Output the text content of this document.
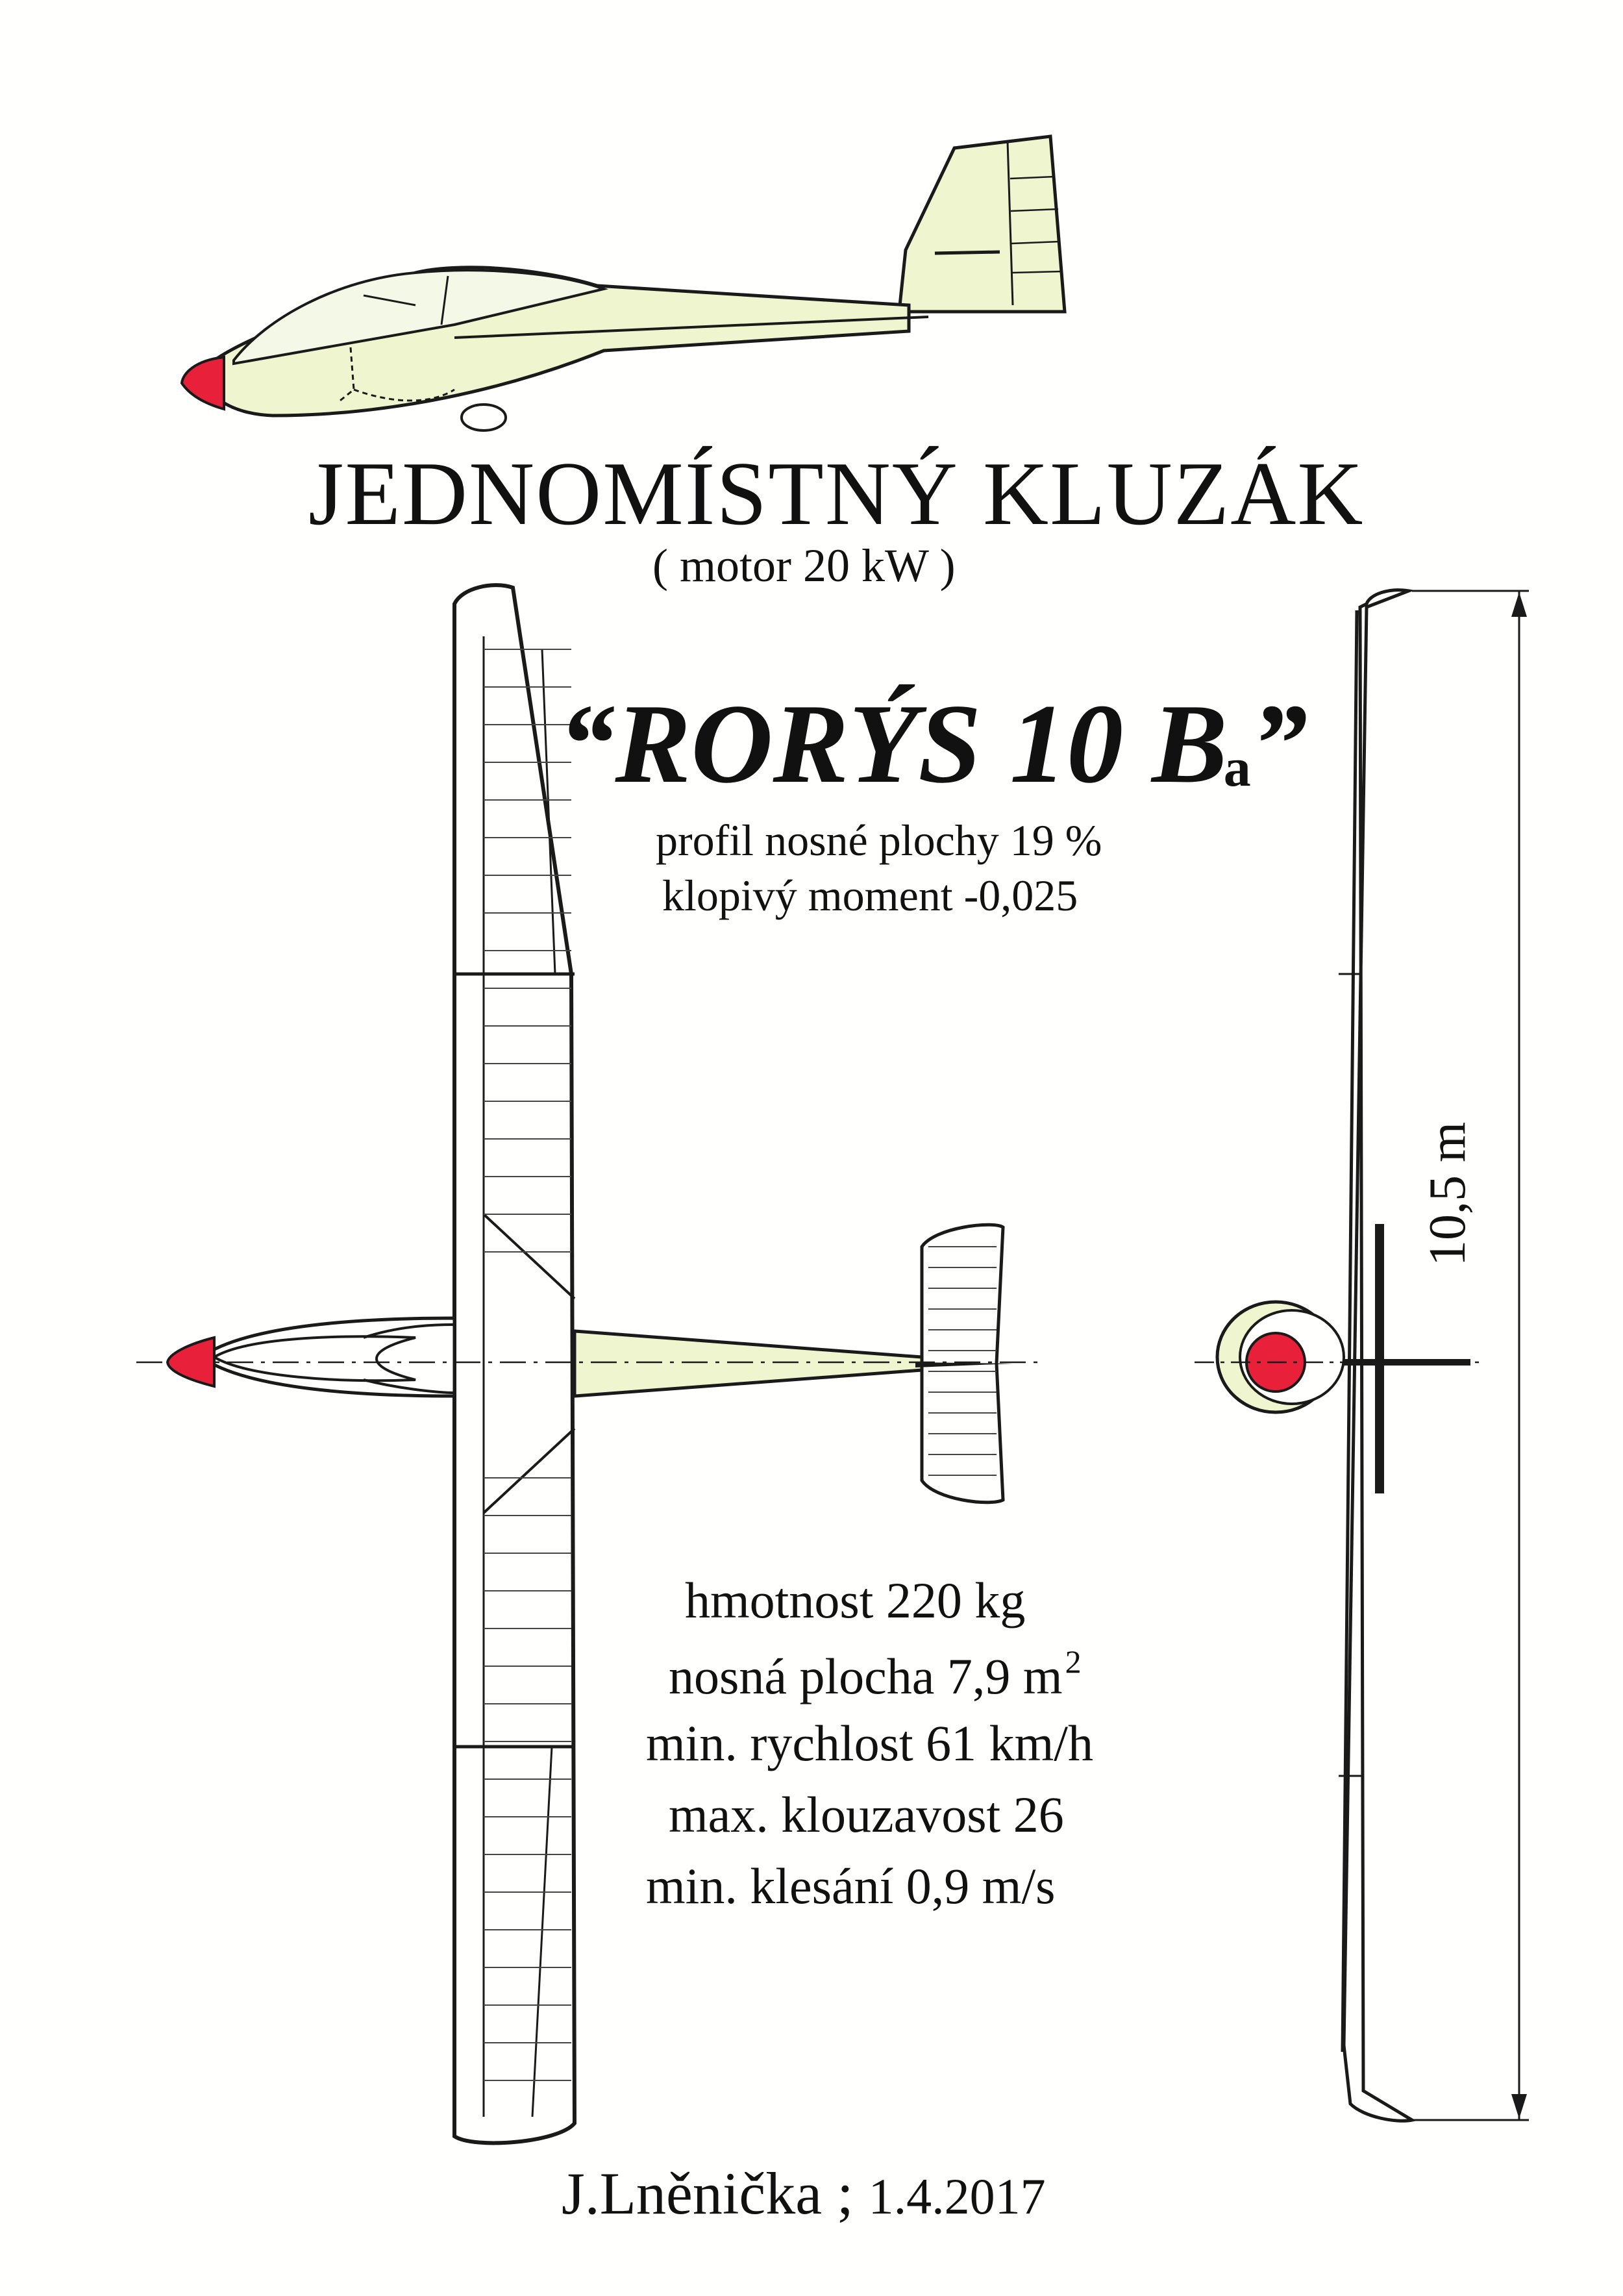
JEDNOMÍSTNÝ KLUZÁK
( motor 20 kW )
“RORÝS 10 Ba”
profil nosné plochy 19 %
klopivý moment -0,025
hmotnost 220 kg
nosná plocha 7,9 $m^2$
min. rychlost 61 km/h
max. klouzavost 26
min. klesání 0,9 m/s
10,5 m
J.Lněnička ; 1.4.2017
